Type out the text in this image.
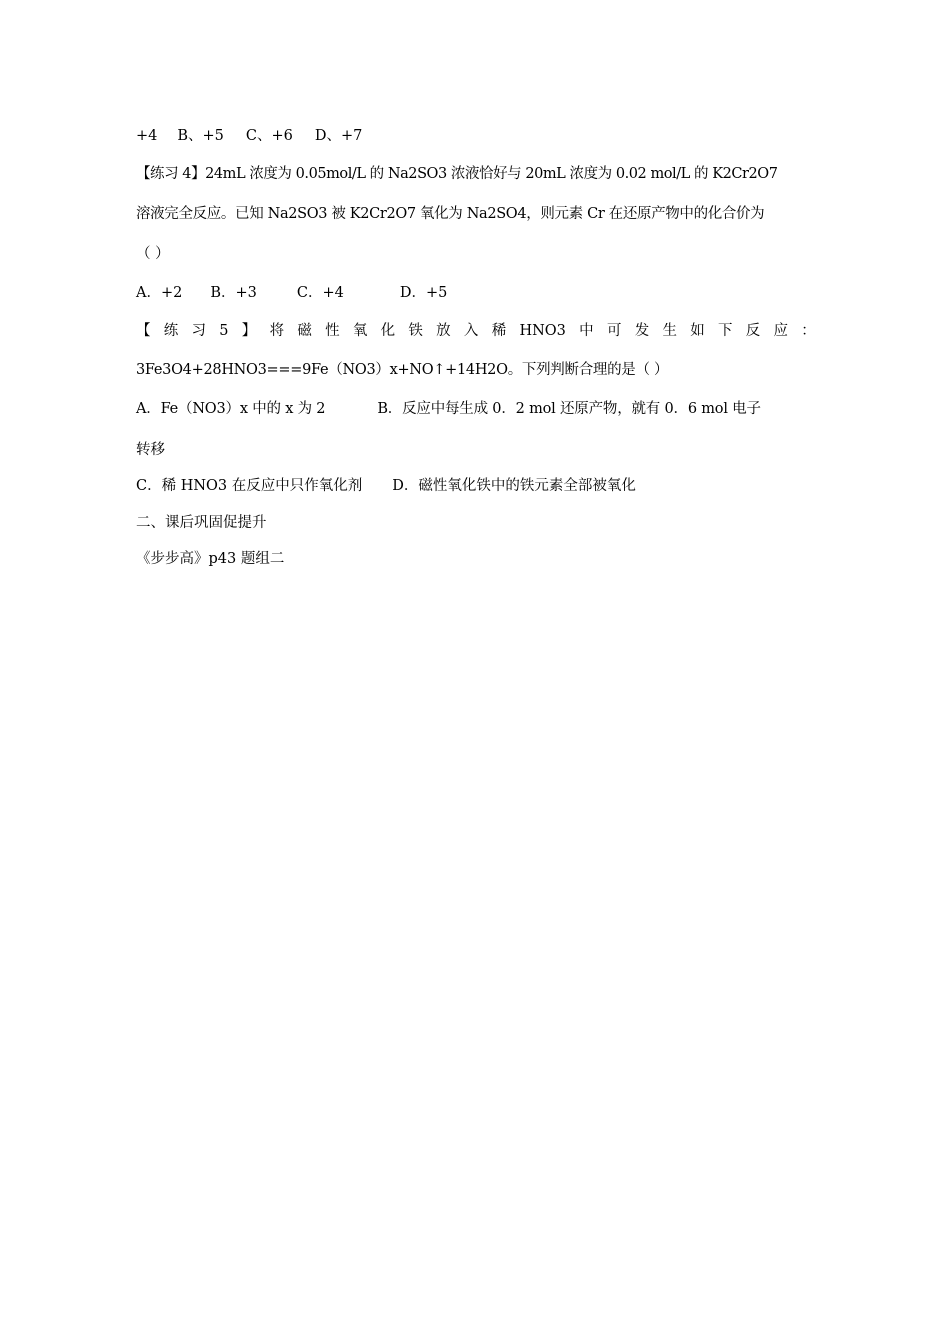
+4 B、+5 C、+6 D、+7
【练习 4】24mL 浓度为 0.05mol/L 的 Na2SO3 浓液恰好与 20mL 浓度为 0.02 mol/L 的 K2Cr2O7
溶液完全反应。已知 Na2SO3 被 K2Cr2O7 氧化为 Na2SO4，则元素 Cr 在还原产物中的化合价为
（ ）
A．+2 B．+3	C．+4	D．+5
【 练 习 5 】 将 磁 性 氧 化 铁 放 入 稀 HNO3 中 可 发 生 如 下 反 应 ：
3Fe3O4+28HNO3===9Fe（NO3）x+NO↑+14H2O。下列判断合理的是（ ）
A．Fe（NO3）x 中的 x 为 2	B．反应中每生成 0．2 mol 还原产物，就有 0．6 mol 电子
转移
C．稀 HNO3 在反应中只作氧化剂 D．磁性氧化铁中的铁元素全部被氧化
二、课后巩固促提升
《步步高》p43 题组二
